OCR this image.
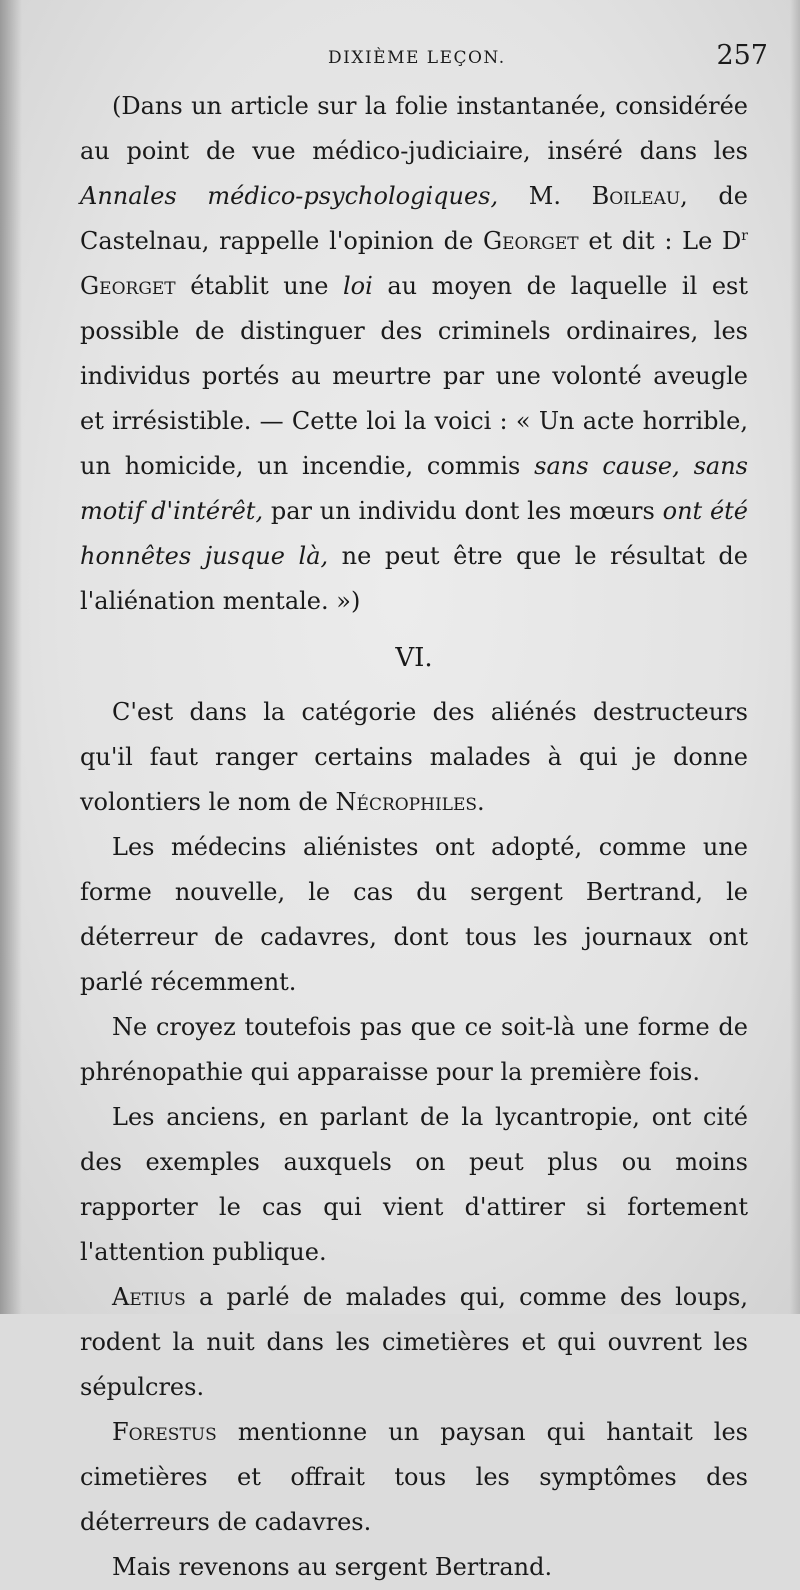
DIXIÈME LEÇON.	257

(Dans un article sur la folie instantanée, considérée au point de vue médico-judiciaire, inséré dans les Annales médico-psychologiques, M. Boileau, de Castelnau, rappelle l'opinion de Georget et dit : Le $D^r$ Georget établit une loi au moyen de laquelle il est possible de distinguer des criminels ordinaires, les individus portés au meurtre par une volonté aveugle et irrésistible. — Cette loi la voici : « Un acte horrible, un homicide, un incendie, commis sans cause, sans motif d'intérêt, par un individu dont les mœurs ont été honnêtes jusque là, ne peut être que le résultat de l'aliénation mentale. »)

VI.

C'est dans la catégorie des aliénés destructeurs qu'il faut ranger certains malades à qui je donne volontiers le nom de Nécrophiles.

Les médecins aliénistes ont adopté, comme une forme nouvelle, le cas du sergent Bertrand, le déterreur de cadavres, dont tous les journaux ont parlé récemment.

Ne croyez toutefois pas que ce soit-là une forme de phrénopathie qui apparaisse pour la première fois.

Les anciens, en parlant de la lycantropie, ont cité des exemples auxquels on peut plus ou moins rapporter le cas qui vient d'attirer si fortement l'attention publique.

Aetius a parlé de malades qui, comme des loups, rodent la nuit dans les cimetières et qui ouvrent les sépulcres.

Forestus mentionne un paysan qui hantait les cimetières et offrait tous les symptômes des déterreurs de cadavres.

Mais revenons au sergent Bertrand.
